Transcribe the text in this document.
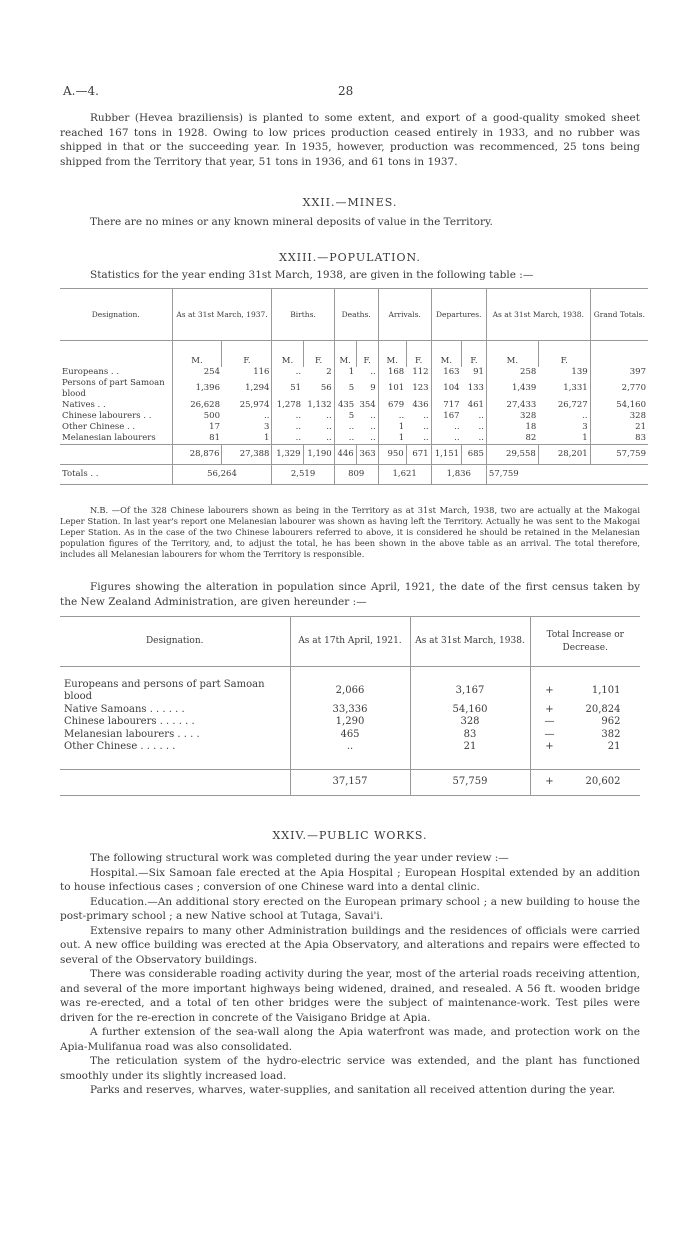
A.—4.	28
Rubber (Hevea braziliensis) is planted to some extent, and export of a good-quality smoked sheet reached 167 tons in 1928. Owing to low prices production ceased entirely in 1933, and no rubber was shipped in that or the succeeding year. In 1935, however, production was recommenced, 25 tons being shipped from the Territory that year, 51 tons in 1936, and 61 tons in 1937.
XXII.—MINES.
There are no mines or any known mineral deposits of value in the Territory.
XXIII.—POPULATION.
Statistics for the year ending 31st March, 1938, are given in the following table :—
Designation.	As at 31st March, 1937.		Births.		Deaths.		Arrivals.		Departures.		As at 31st March, 1938.		Grand Totals.
	M.	F.	M.	F.	M.	F.	M.	F.	M.	F.	M.	F.	
Europeans . .	254	116	..	2	1	..	168	112	163	91	258	139	397
Persons of part Samoan blood	1,396	1,294	51	56	5	9	101	123	104	133	1,439	1,331	2,770
Natives . .	26,628	25,974	1,278	1,132	435	354	679	436	717	461	27,433	26,727	54,160
Chinese labourers . .	500	..	..	..	5	..	..	..	167	..	328	..	328
Other Chinese . .	17	3	..	..	..	..	1	..	..	..	18	3	21
Melanesian labourers	81	1	..	..	..	..	1	..	..	..	82	1	83
	28,876	27,388	1,329	1,190	446	363	950	671	1,151	685	29,558	28,201	57,759
Totals . .	56,264		2,519		809		1,621		1,836		57,759		
N.B. —Of the 328 Chinese labourers shown as being in the Territory as at 31st March, 1938, two are actually at the Makogai Leper Station. In last year's report one Melanesian labourer was shown as having left the Territory. Actually he was sent to the Makogai Leper Station. As in the case of the two Chinese labourers referred to above, it is considered he should be retained in the Melanesian population figures of the Territory, and, to adjust the total, he has been shown in the above table as an arrival. The total therefore, includes all Melanesian labourers for whom the Territory is responsible.
Figures showing the alteration in population since April, 1921, the date of the first census taken by the New Zealand Administration, are given hereunder :—
Designation.	As at 17th April, 1921.	As at 31st March, 1938.	Total Increase or Decrease.

Europeans and persons of part Samoan blood	2,066	3,167	+ 1,101
Native Samoans . . . . . .	33,336	54,160	+ 20,824
Chinese labourers . . . . . .	1,290	328	— 962
Melanesian labourers . . . .	465	83	— 382
Other Chinese . . . . . .	..	21	+ 21

	37,157	57,759	+ 20,602
XXIV.—PUBLIC WORKS.
The following structural work was completed during the year under review :—
Hospital.—Six Samoan fale erected at the Apia Hospital ; European Hospital extended by an addition to house infectious cases ; conversion of one Chinese ward into a dental clinic.
Education.—An additional story erected on the European primary school ; a new building to house the post-primary school ; a new Native school at Tutaga, Savai'i.
Extensive repairs to many other Administration buildings and the residences of officials were carried out. A new office building was erected at the Apia Observatory, and alterations and repairs were effected to several of the Observatory buildings.
There was considerable roading activity during the year, most of the arterial roads receiving attention, and several of the more important highways being widened, drained, and resealed. A 56 ft. wooden bridge was re-erected, and a total of ten other bridges were the subject of maintenance-work. Test piles were driven for the re-erection in concrete of the Vaisigano Bridge at Apia.
A further extension of the sea-wall along the Apia waterfront was made, and protection work on the Apia-Mulifanua road was also consolidated.
The reticulation system of the hydro-electric service was extended, and the plant has functioned smoothly under its slightly increased load.
Parks and reserves, wharves, water-supplies, and sanitation all received attention during the year.
